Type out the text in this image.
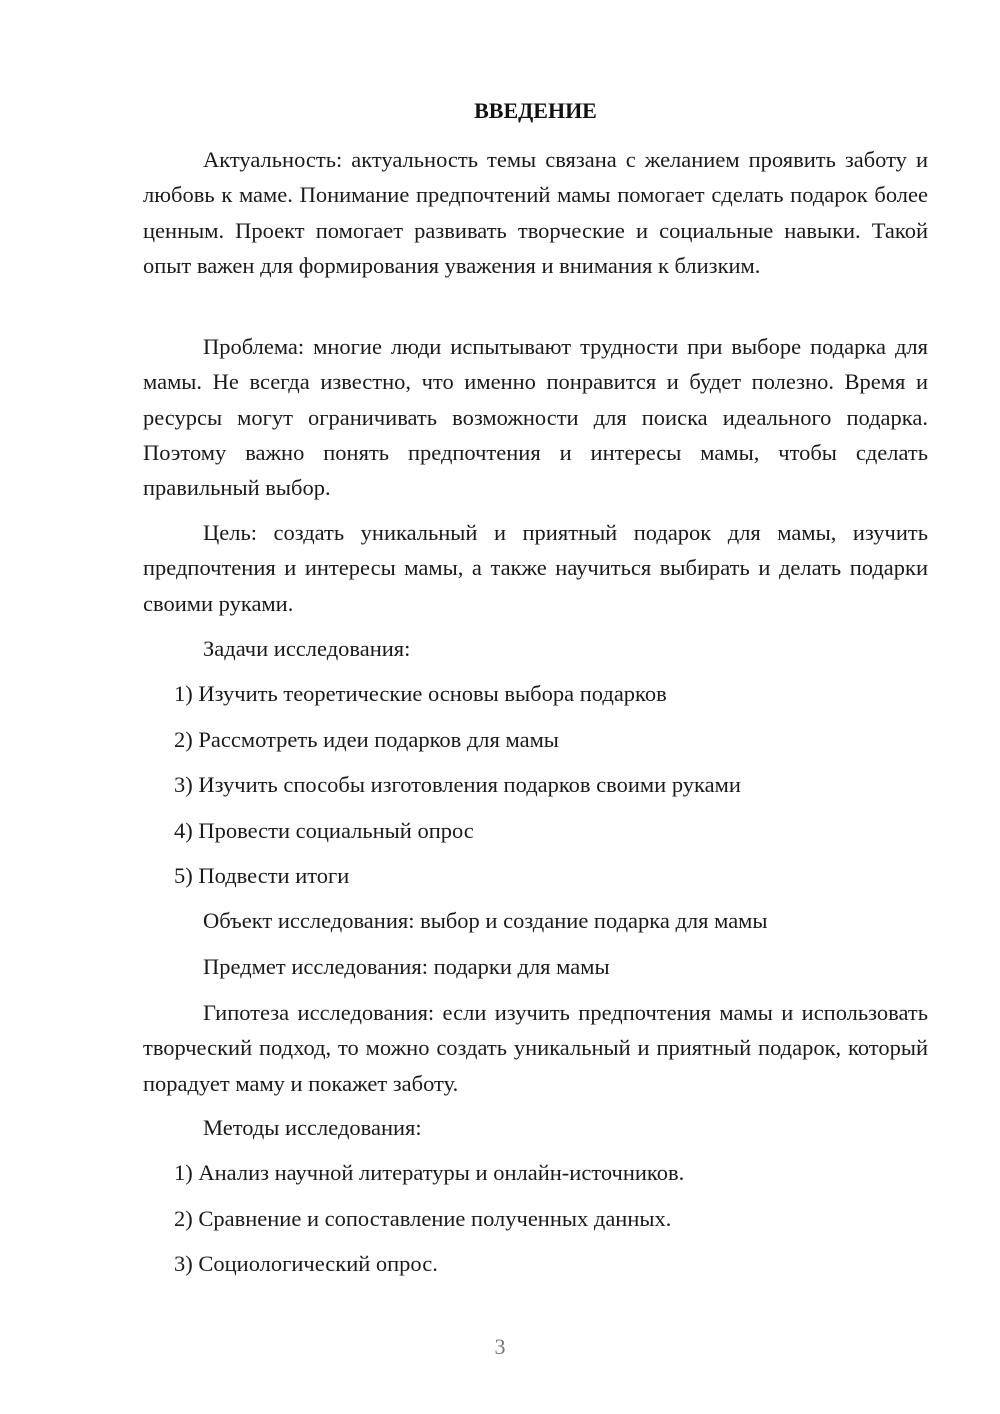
ВВЕДЕНИЕ

Актуальность: актуальность темы связана с желанием проявить заботу и любовь к маме. Понимание предпочтений мамы помогает сделать подарок более ценным. Проект помогает развивать творческие и социальные навыки. Такой опыт важен для формирования уважения и внимания к близким.

Проблема: многие люди испытывают трудности при выборе подарка для мамы. Не всегда известно, что именно понравится и будет полезно. Время и ресурсы могут ограничивать возможности для поиска идеального подарка. Поэтому важно понять предпочтения и интересы мамы, чтобы сделать правильный выбор.

Цель: создать уникальный и приятный подарок для мамы, изучить предпочтения и интересы мамы, а также научиться выбирать и делать подарки своими руками.

Задачи исследования:

1) Изучить теоретические основы выбора подарков

2) Рассмотреть идеи подарков для мамы

3) Изучить способы изготовления подарков своими руками

4) Провести социальный опрос

5) Подвести итоги

Объект исследования: выбор и создание подарка для мамы

Предмет исследования: подарки для мамы

Гипотеза исследования: если изучить предпочтения мамы и использовать творческий подход, то можно создать уникальный и приятный подарок, который порадует маму и покажет заботу.

Методы исследования:

1) Анализ научной литературы и онлайн-источников.

2) Сравнение и сопоставление полученных данных.

3) Социологический опрос.

3
